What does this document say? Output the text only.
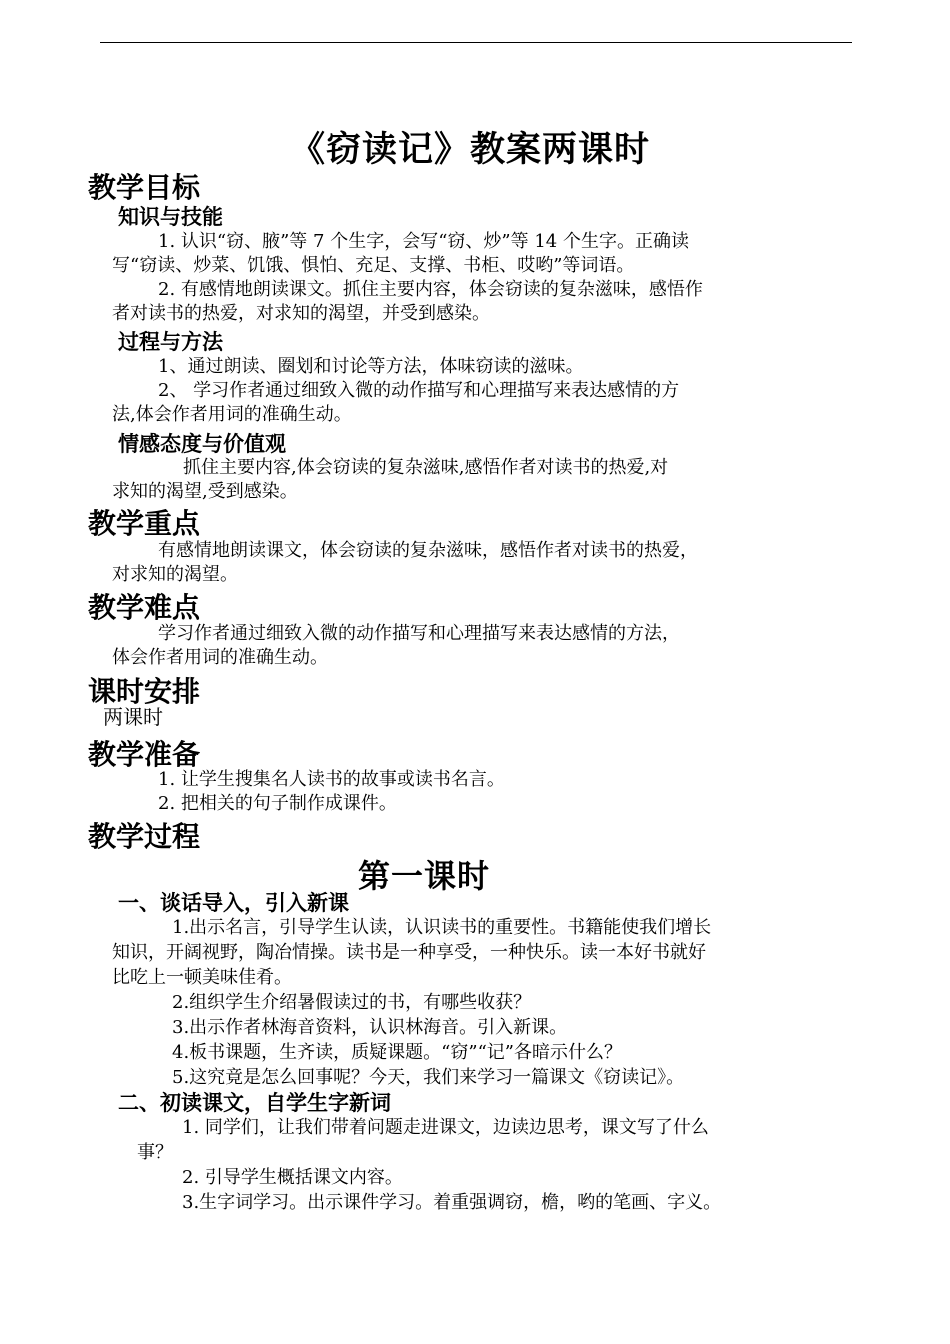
《窃读记》教案两课时
教学目标
知识与技能
1. 认识“窃、腋”等 7 个生字，会写“窃、炒”等 14 个生字。正确读
写“窃读、炒菜、饥饿、惧怕、充足、支撑、书柜、哎哟”等词语。
2. 有感情地朗读课文。抓住主要内容，体会窃读的复杂滋味，感悟作
者对读书的热爱，对求知的渴望，并受到感染。
过程与方法
1、通过朗读、圈划和讨论等方法，体味窃读的滋味。
2、 学习作者通过细致入微的动作描写和心理描写来表达感情的方
法,体会作者用词的准确生动。
情感态度与价值观
抓住主要内容,体会窃读的复杂滋味,感悟作者对读书的热爱,对
求知的渴望,受到感染。
教学重点
有感情地朗读课文，体会窃读的复杂滋味，感悟作者对读书的热爱，
对求知的渴望。
教学难点
学习作者通过细致入微的动作描写和心理描写来表达感情的方法，
体会作者用词的准确生动。
课时安排
两课时
教学准备
1. 让学生搜集名人读书的故事或读书名言。
2. 把相关的句子制作成课件。
教学过程
第一课时
一、谈话导入，引入新课
1.出示名言，引导学生认读，认识读书的重要性。书籍能使我们增长
知识，开阔视野，陶冶情操。读书是一种享受，一种快乐。读一本好书就好
比吃上一顿美味佳肴。
2.组织学生介绍暑假读过的书，有哪些收获？
3.出示作者林海音资料，认识林海音。引入新课。
4.板书课题，生齐读，质疑课题。“窃”“记”各暗示什么？
5.这究竟是怎么回事呢？今天，我们来学习一篇课文《窃读记》。
二、初读课文，自学生字新词
1. 同学们，让我们带着问题走进课文，边读边思考，课文写了什么
事？
2. 引导学生概括课文内容。
3.生字词学习。出示课件学习。着重强调窃，檐，哟的笔画、字义。
